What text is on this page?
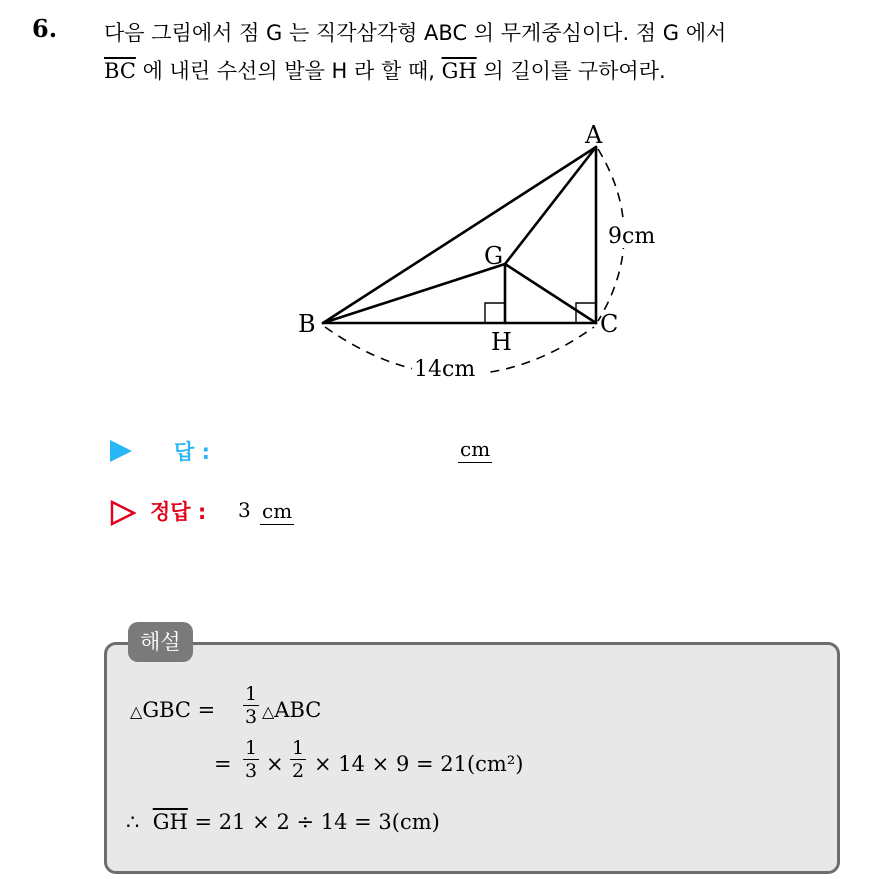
6. 다음 그림에서 점 G 는 직각삼각형 ABC 의 무게중심이다. 점 G 에서
$\overline{BC}$ 에 내린 수선의 발을 H 라 할 때, $\overline{GH}$ 의 길이를 구하여라.
A
B	C
G
H
14cm
9cm
답 :	cm
정답 : 3 cm
해설
△GBC = $\frac{1}{3}$ △ABC
= $\frac{1}{3} \times \frac{1}{2} \times 14 \times 9 = 21(cm^2)$
∴ $\overline{GH} = 21 \times 2 \div 14 = 3(cm)$
